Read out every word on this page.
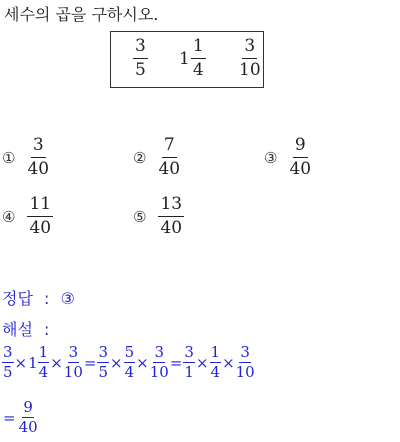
세수의 곱을 구하시오.
$\frac{3}{5} 1 \frac{1}{4} \frac{3}{10}$
① $\frac{3}{40}$	② $\frac{7}{40}$	③ $\frac{9}{40}$
④ $\frac{11}{40}$	⑤ $\frac{13}{40}$
정답 : ③
해설 :
$\frac{3}{5} \times 1 \frac{1}{4} \times \frac{3}{10} = \frac{3}{5} \times \frac{5}{4} \times \frac{3}{10} = \frac{3}{1} \times \frac{1}{4} \times \frac{3}{10}$
= $\frac{9}{40}$
